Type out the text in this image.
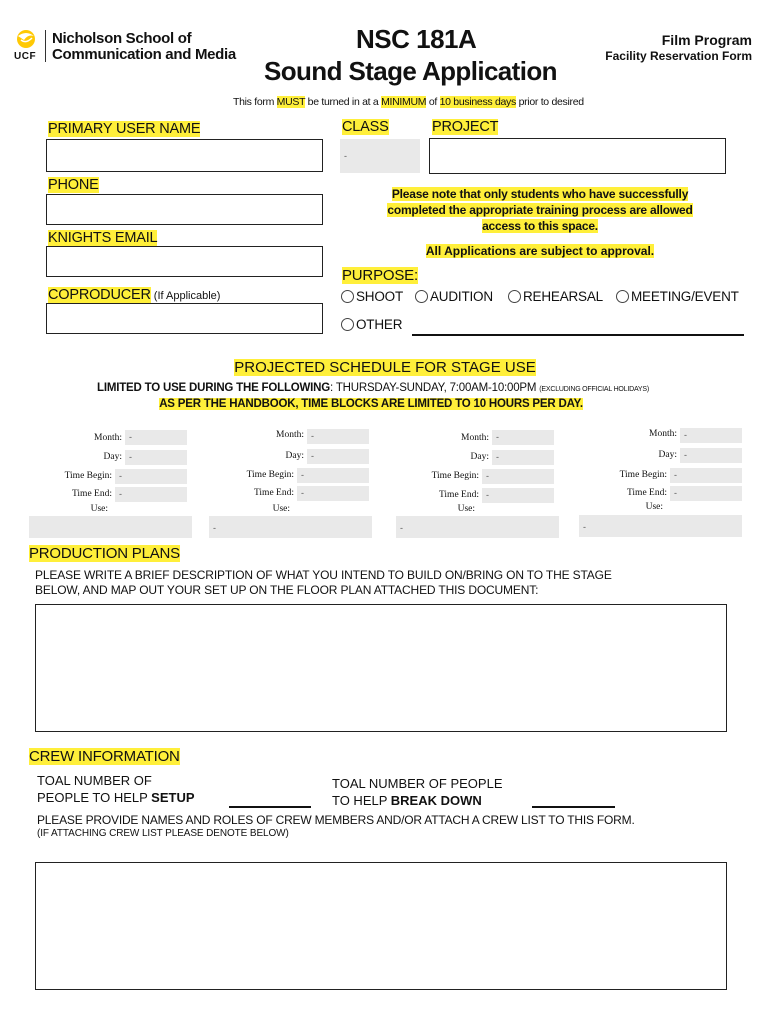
UCF
Nicholson School of
Communication and Media
NSC 181A
Sound Stage Application
Film Program
Facility Reservation Form
This form MUST be turned in at a MINIMUM of 10 business days prior to desired
PRIMARY USER NAME
PHONE
KNIGHTS EMAIL
COPRODUCER (If Applicable)
CLASS
-
PROJECT
Please note that only students who have successfully
completed the appropriate training process are allowed
access to this space.
All Applications are subject to approval.
PURPOSE:
SHOOT	AUDITION	REHEARSAL	MEETING/EVENT
OTHER
PROJECTED SCHEDULE FOR STAGE USE
LIMITED TO USE DURING THE FOLLOWING: THURSDAY-SUNDAY, 7:00AM-10:00PM (EXCLUDING OFFICIAL HOLIDAYS)
AS PER THE HANDBOOK, TIME BLOCKS ARE LIMITED TO 10 HOURS PER DAY.
Month: -
Day: -
Time Begin: -
Time End: -
Use:
Month: -
Day: -
Time Begin: -
Time End: -
Use:
-
Month: -
Day: -
Time Begin: -
Time End: -
Use:
-
Month: -
Day: -
Time Begin: -
Time End: -
Use:
-
PRODUCTION PLANS
PLEASE WRITE A BRIEF DESCRIPTION OF WHAT YOU INTEND TO BUILD ON/BRING ON TO THE STAGE
BELOW, AND MAP OUT YOUR SET UP ON THE FLOOR PLAN ATTACHED THIS DOCUMENT:
CREW INFORMATION
TOAL NUMBER OF
PEOPLE TO HELP SETUP
TOAL NUMBER OF PEOPLE
TO HELP BREAK DOWN
PLEASE PROVIDE NAMES AND ROLES OF CREW MEMBERS AND/OR ATTACH A CREW LIST TO THIS FORM.
(IF ATTACHING CREW LIST PLEASE DENOTE BELOW)
